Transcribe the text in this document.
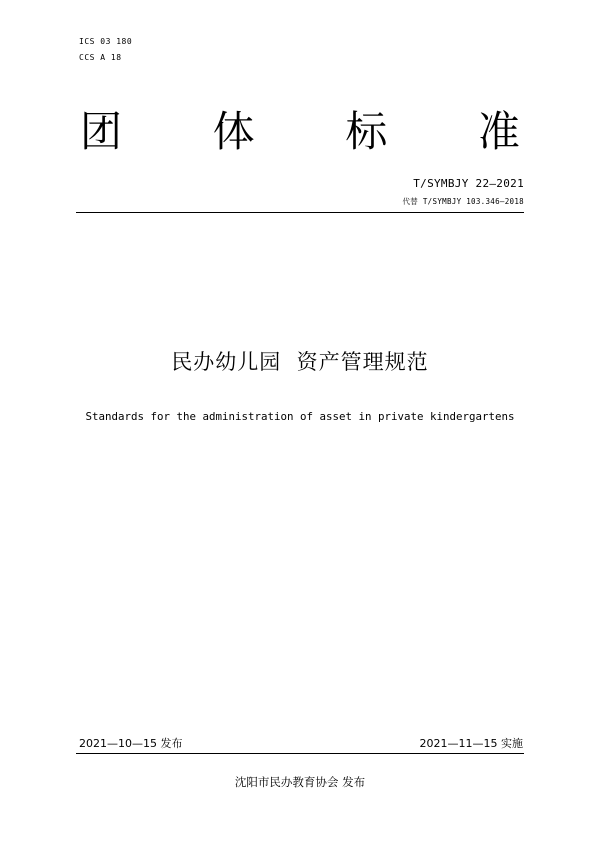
ICS 03 180
CCS A 18
团 体 标 准
T/SYMBJY 22—2021
代替 T/SYMBJY 103.346—2018
民办幼儿园  资产管理规范
Standards for the administration of asset in private kindergartens
2021—10—15 发布	2021—11—15 实施
沈阳市民办教育协会 发布
